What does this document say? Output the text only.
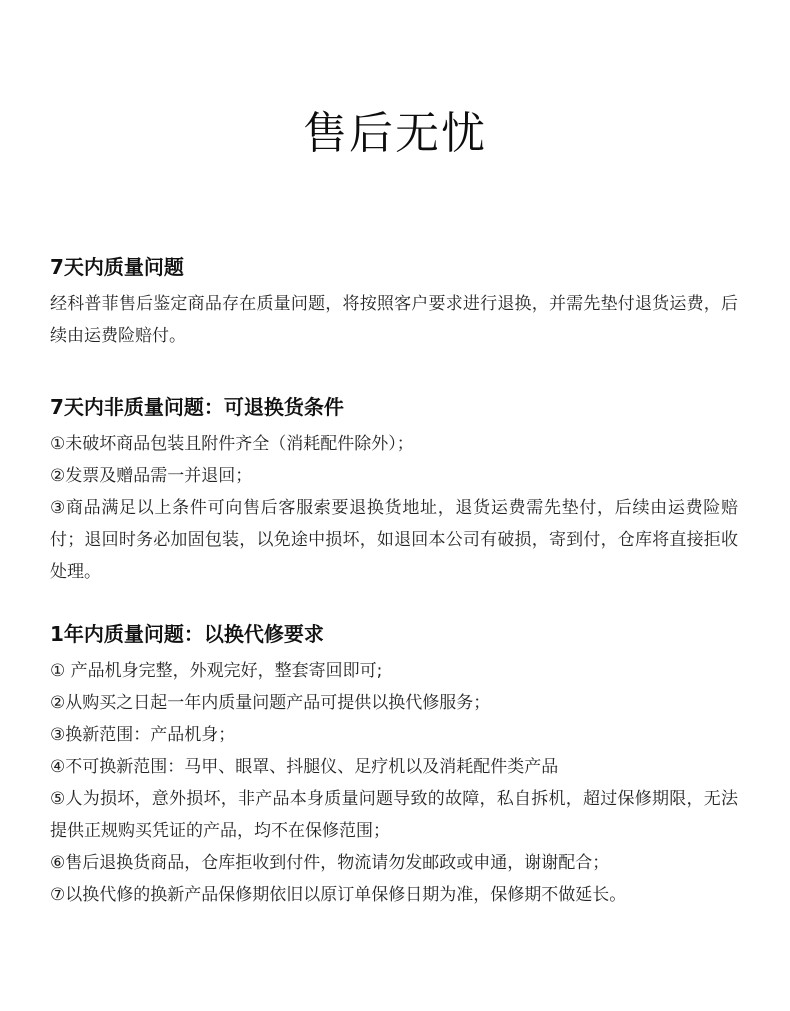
售后无忧
7天内质量问题

经科普菲售后鉴定商品存在质量问题，将按照客户要求进行退换，并需先垫付退货运费，后续由运费险赔付。

7天内非质量问题：可退换货条件

①未破坏商品包装且附件齐全（消耗配件除外）；

②发票及赠品需一并退回；

③商品满足以上条件可向售后客服索要退换货地址，退货运费需先垫付，后续由运费险赔付；退回时务必加固包装，以免途中损坏，如退回本公司有破损，寄到付，仓库将直接拒收处理。

1年内质量问题：以换代修要求

① 产品机身完整，外观完好，整套寄回即可;

②从购买之日起一年内质量问题产品可提供以换代修服务；

③换新范围：产品机身；

④不可换新范围：马甲、眼罩、抖腿仪、足疗机以及消耗配件类产品

⑤人为损坏，意外损坏，非产品本身质量问题导致的故障，私自拆机，超过保修期限，无法提供正规购买凭证的产品，均不在保修范围；

⑥售后退换货商品，仓库拒收到付件，物流请勿发邮政或申通，谢谢配合；

⑦以换代修的换新产品保修期依旧以原订单保修日期为准，保修期不做延长。
